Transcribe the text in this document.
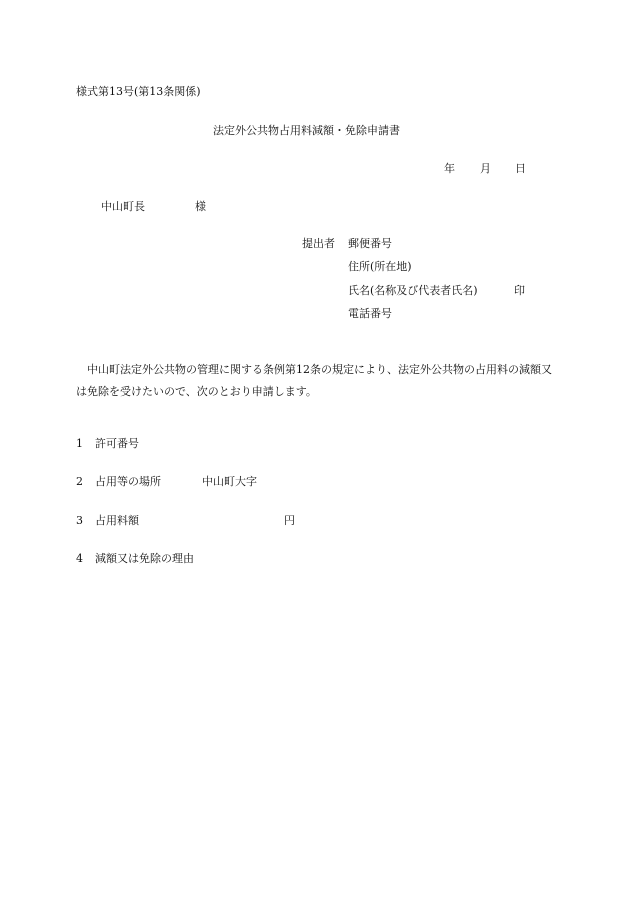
様式第13号(第13条関係)
法定外公共物占用料減額・免除申請書
年 月 日
中山町長	様
提出者 郵便番号
住所(所在地)
氏名(名称及び代表者氏名)	印
電話番号
中山町法定外公共物の管理に関する条例第12条の規定により、法定外公共物の占用料の減額又は免除を受けたいので、次のとおり申請します。
1 許可番号
2 占用等の場所	中山町大字
3 占用料額	円
4 減額又は免除の理由
